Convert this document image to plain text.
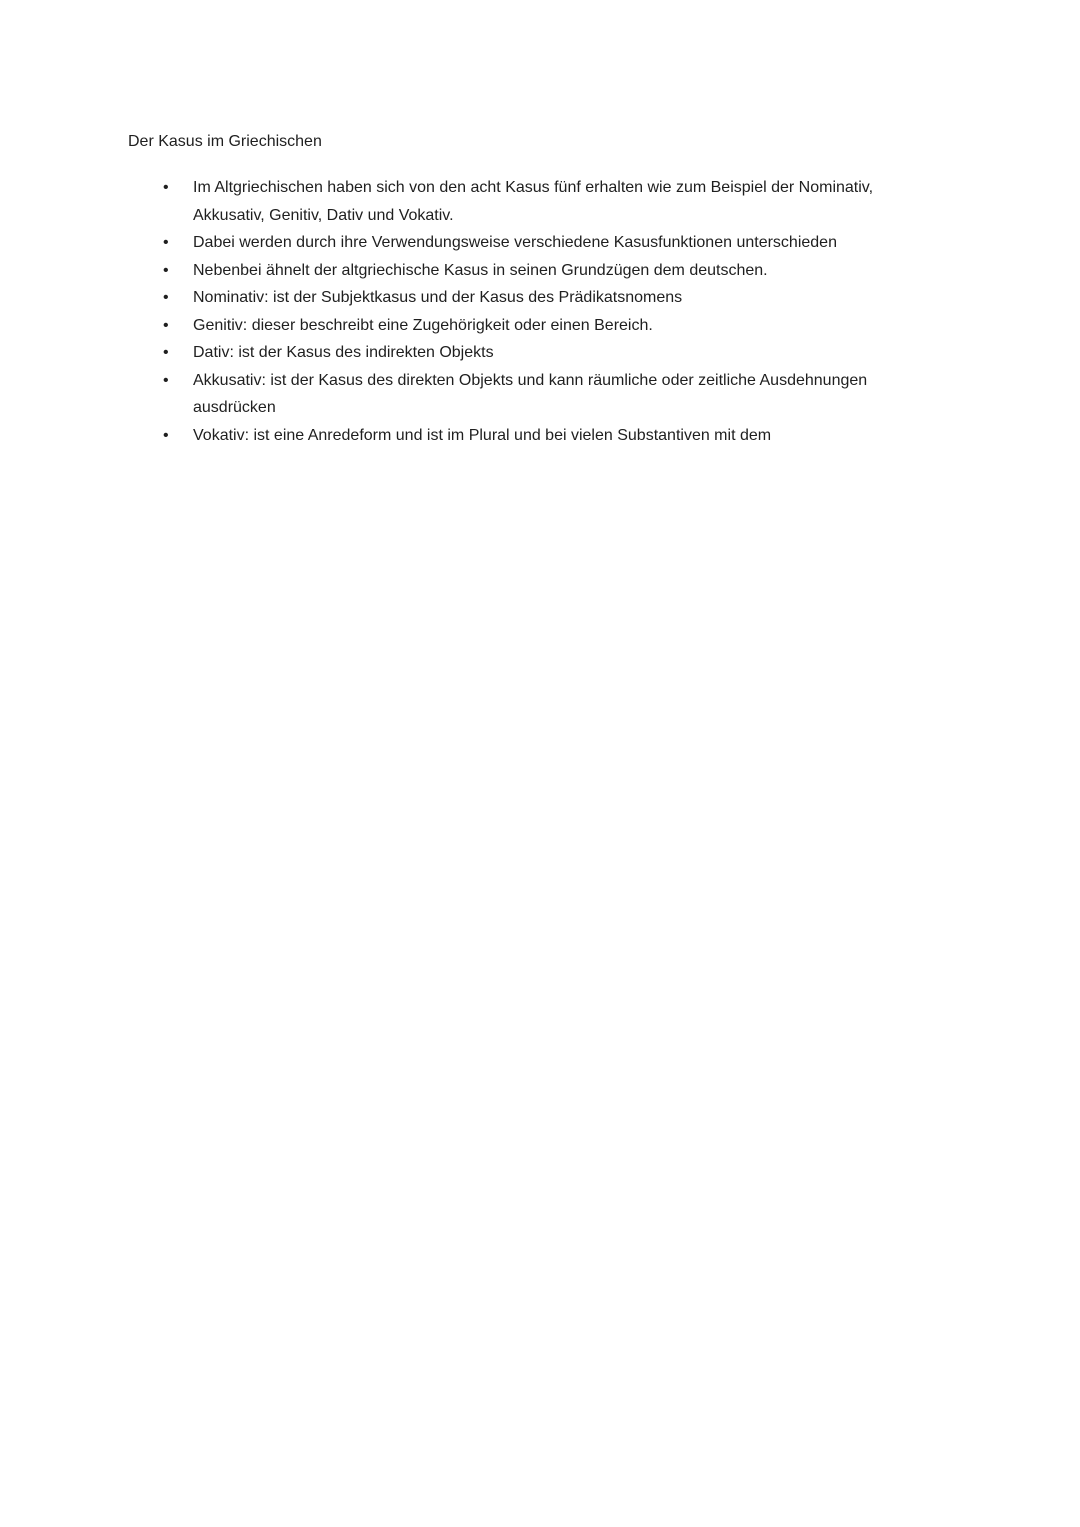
Der Kasus im Griechischen

• Im Altgriechischen haben sich von den acht Kasus fünf erhalten wie zum Beispiel der Nominativ, Akkusativ, Genitiv, Dativ und Vokativ.
• Dabei werden durch ihre Verwendungsweise verschiedene Kasusfunktionen unterschieden
• Nebenbei ähnelt der altgriechische Kasus in seinen Grundzügen dem deutschen.
• Nominativ: ist der Subjektkasus und der Kasus des Prädikatsnomens
• Genitiv: dieser beschreibt eine Zugehörigkeit oder einen Bereich.
• Dativ: ist der Kasus des indirekten Objekts
• Akkusativ: ist der Kasus des direkten Objekts und kann räumliche oder zeitliche Ausdehnungen ausdrücken
• Vokativ: ist eine Anredeform und ist im Plural und bei vielen Substantiven mit dem
